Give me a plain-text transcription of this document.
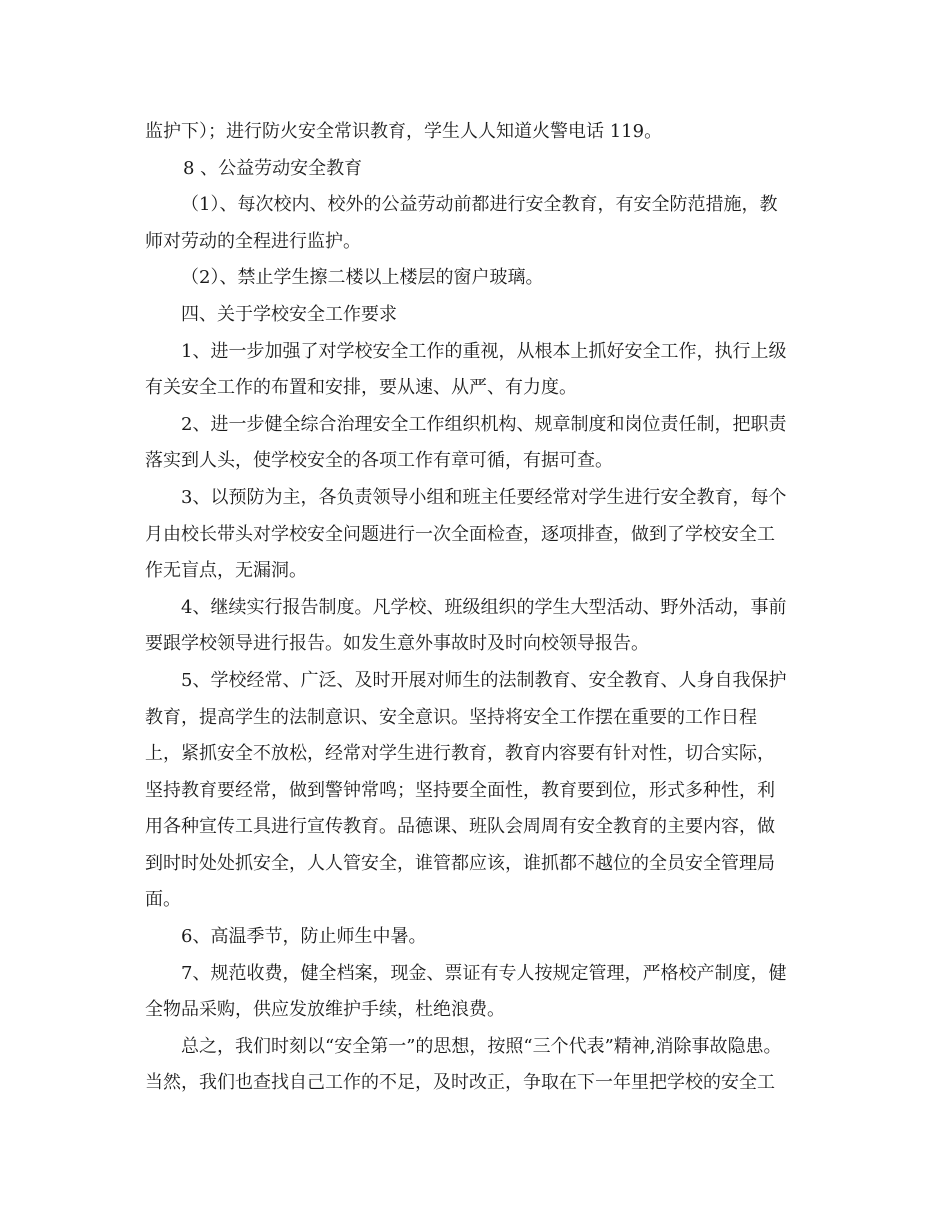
监护下）；进行防火安全常识教育，学生人人知道火警电话 119。
8 、公益劳动安全教育
（1）、每次校内、校外的公益劳动前都进行安全教育，有安全防范措施，教
师对劳动的全程进行监护。
（2）、禁止学生擦二楼以上楼层的窗户玻璃。
四、关于学校安全工作要求
1、进一步加强了对学校安全工作的重视，从根本上抓好安全工作，执行上级
有关安全工作的布置和安排，要从速、从严、有力度。
2、进一步健全综合治理安全工作组织机构、规章制度和岗位责任制，把职责
落实到人头，使学校安全的各项工作有章可循，有据可查。
3、以预防为主，各负责领导小组和班主任要经常对学生进行安全教育，每个
月由校长带头对学校安全问题进行一次全面检查，逐项排查，做到了学校安全工
作无盲点，无漏洞。
4、继续实行报告制度。凡学校、班级组织的学生大型活动、野外活动，事前
要跟学校领导进行报告。如发生意外事故时及时向校领导报告。
5、学校经常、广泛、及时开展对师生的法制教育、安全教育、人身自我保护
教育，提高学生的法制意识、安全意识。坚持将安全工作摆在重要的工作日程
上，紧抓安全不放松，经常对学生进行教育，教育内容要有针对性，切合实际，
坚持教育要经常，做到警钟常鸣；坚持要全面性，教育要到位，形式多种性，利
用各种宣传工具进行宣传教育。品德课、班队会周周有安全教育的主要内容，做
到时时处处抓安全，人人管安全，谁管都应该，谁抓都不越位的全员安全管理局
面。
6、高温季节，防止师生中暑。
7、规范收费，健全档案，现金、票证有专人按规定管理，严格校产制度，健
全物品采购，供应发放维护手续，杜绝浪费。
总之，我们时刻以“安全第一”的思想，按照“三个代表”精神,消除事故隐患。
当然，我们也查找自己工作的不足，及时改正，争取在下一年里把学校的安全工
